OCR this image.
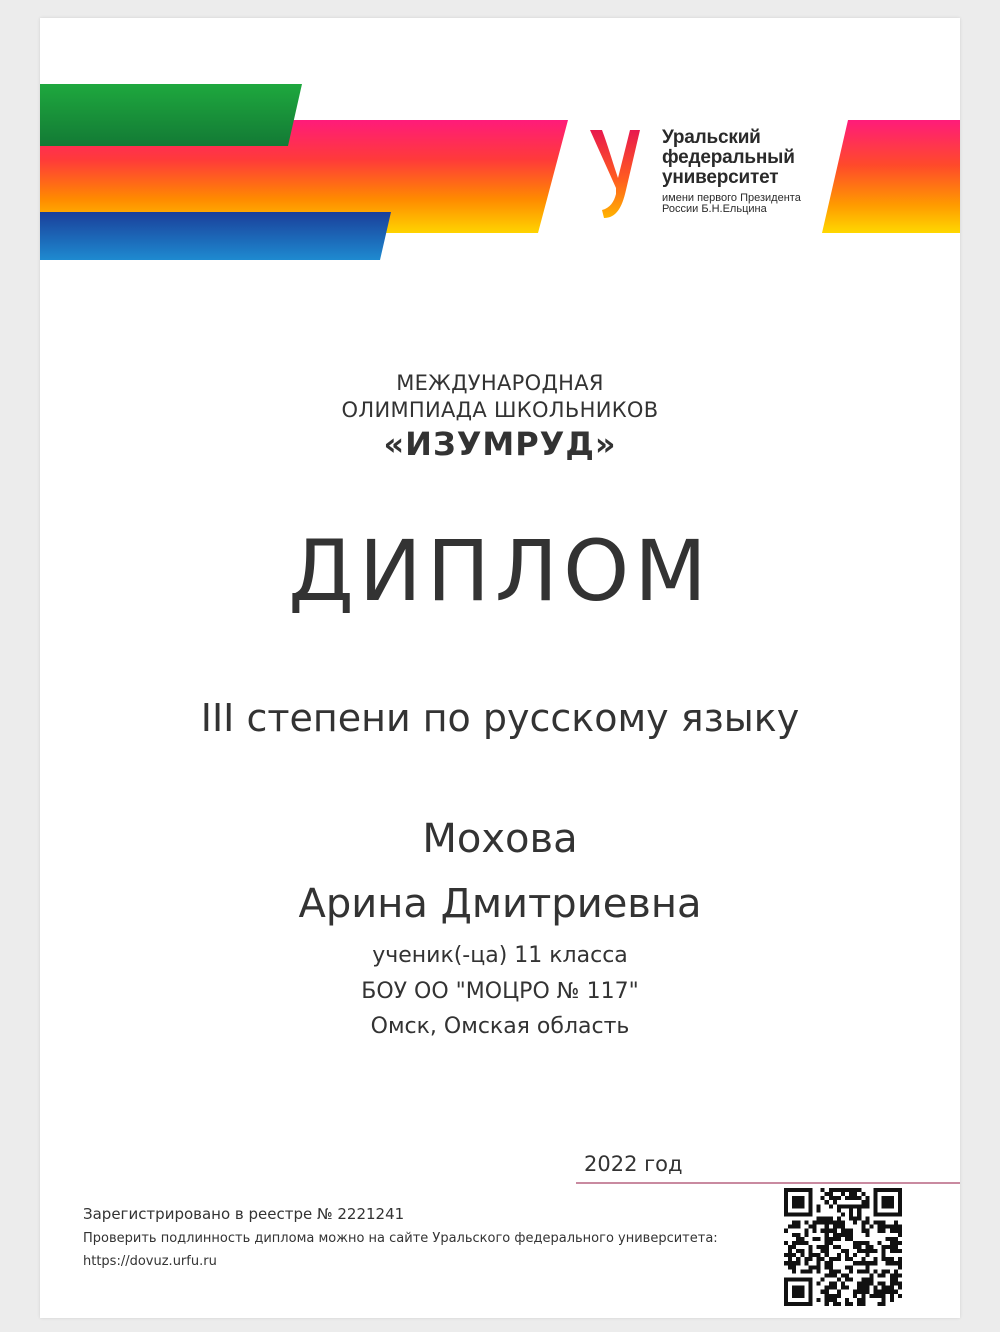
Уральский
федеральный
университет
имени первого Президента
России Б.Н.Ельцина
МЕЖДУНАРОДНАЯ
ОЛИМПИАДА ШКОЛЬНИКОВ
«ИЗУМРУД»
ДИПЛОМ
III степени по русскому языку
Мохова
Арина Дмитриевна
ученик(-ца) 11 класса
БОУ ОО "МОЦРО № 117"
Омск, Омская область
2022 год
Зарегистрировано в реестре № 2221241
Проверить подлинность диплома можно на сайте Уральского федерального университета:
https://dovuz.urfu.ru
